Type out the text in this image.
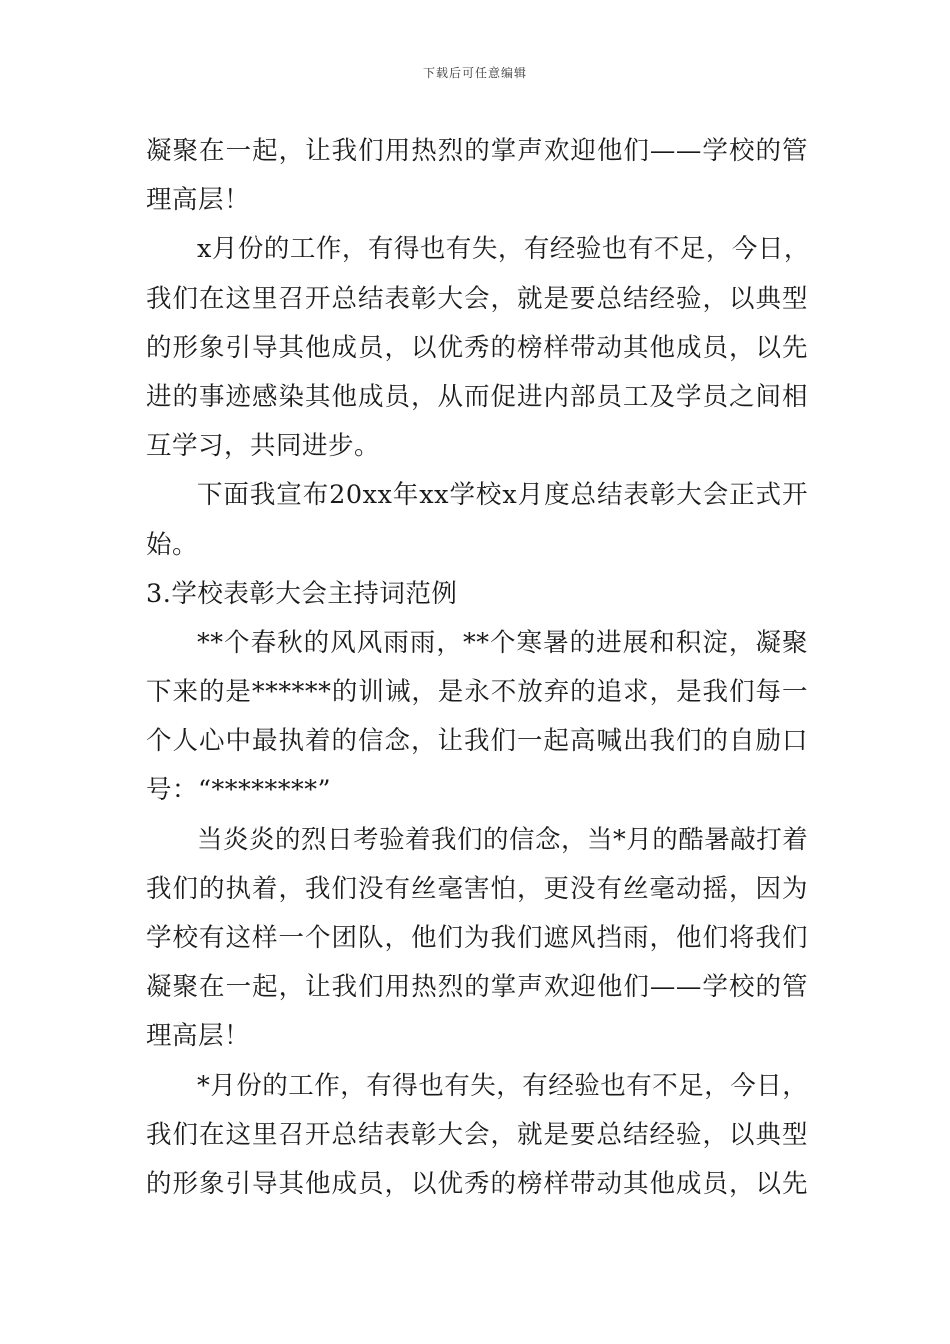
下载后可任意编辑
凝聚在一起，让我们用热烈的掌声欢迎他们——学校的管
理高层！
x月份的工作，有得也有失，有经验也有不足，今日，
我们在这里召开总结表彰大会，就是要总结经验，以典型
的形象引导其他成员，以优秀的榜样带动其他成员，以先
进的事迹感染其他成员，从而促进内部员工及学员之间相
互学习，共同进步。
下面我宣布20xx年xx学校x月度总结表彰大会正式开
始。
3.学校表彰大会主持词范例
**个春秋的风风雨雨，**个寒暑的进展和积淀，凝聚
下来的是******的训诫，是永不放弃的追求，是我们每一
个人心中最执着的信念，让我们一起高喊出我们的自励口
号：“********”
当炎炎的烈日考验着我们的信念，当*月的酷暑敲打着
我们的执着，我们没有丝毫害怕，更没有丝毫动摇，因为
学校有这样一个团队，他们为我们遮风挡雨，他们将我们
凝聚在一起，让我们用热烈的掌声欢迎他们——学校的管
理高层！
*月份的工作，有得也有失，有经验也有不足，今日，
我们在这里召开总结表彰大会，就是要总结经验，以典型
的形象引导其他成员，以优秀的榜样带动其他成员，以先
